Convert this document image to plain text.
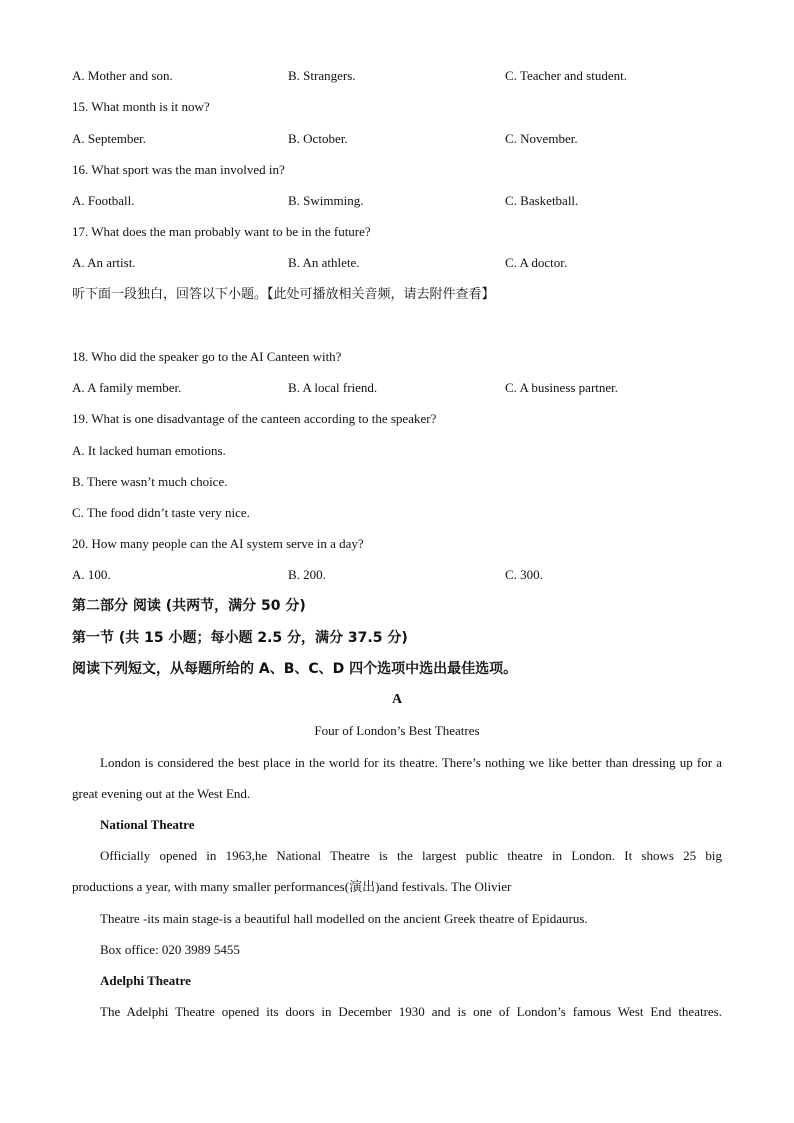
A. Mother and son.	B. Strangers.	C. Teacher and student.
15. What month is it now?
A. September.	B. October.	C. November.
16. What sport was the man involved in?
A. Football.	B. Swimming.	C. Basketball.
17. What does the man probably want to be in the future?
A. An artist.	B. An athlete.	C. A doctor.
听下面一段独白，回答以下小题。【此处可播放相关音频，请去附件查看】
18. Who did the speaker go to the AI Canteen with?
A. A family member.	B. A local friend.	C. A business partner.
19. What is one disadvantage of the canteen according to the speaker?
A. It lacked human emotions.
B. There wasn’t much choice.
C. The food didn’t taste very nice.
20. How many people can the AI system serve in a day?
A. 100.	B. 200.	C. 300.
第二部分 阅读 (共两节，满分 50 分)
第一节 (共 15 小题；每小题 2.5 分，满分 37.5 分)
阅读下列短文，从每题所给的 A、B、C、D 四个选项中选出最佳选项。
A
Four of London’s Best Theatres
London is considered the best place in the world for its theatre. There’s nothing we like better than dressing up for a great evening out at the West End.
National Theatre
Officially opened in 1963,he National Theatre is the largest public theatre in London. It shows 25 big
productions a year, with many smaller performances(演出)and festivals. The Olivier
Theatre -its main stage-is a beautiful hall modelled on the ancient Greek theatre of Epidaurus.
Box office: 020 3989 5455
Adelphi Theatre
The Adelphi Theatre opened its doors in December 1930 and is one of London’s famous West End theatres.
